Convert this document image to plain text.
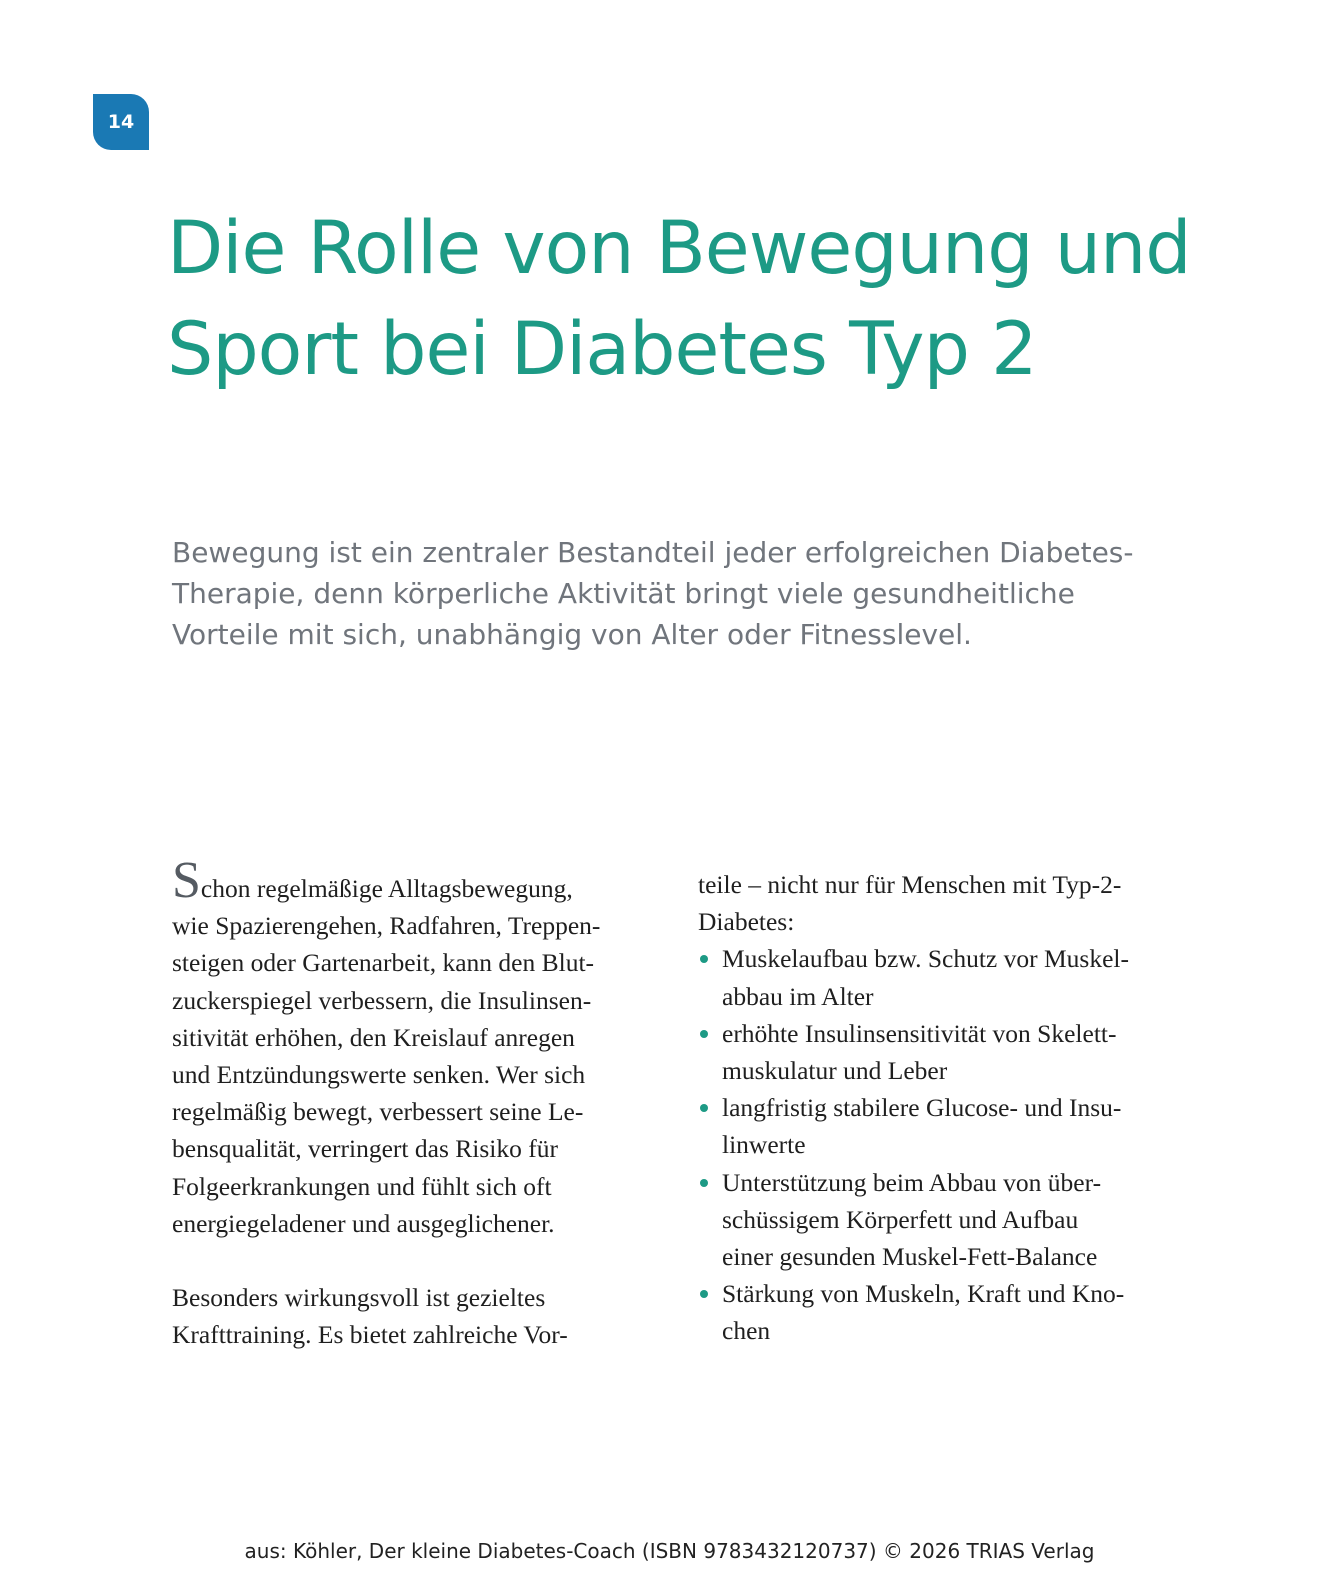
14
Die Rolle von Bewegung und
Sport bei Diabetes Typ 2

Bewegung ist ein zentraler Bestandteil jeder erfolgreichen Diabetes-
Therapie, denn körperliche Aktivität bringt viele gesundheitliche
Vorteile mit sich, unabhängig von Alter oder Fitnesslevel.

Schon regelmäßige Alltagsbewegung,
wie Spazierengehen, Radfahren, Treppen-
steigen oder Gartenarbeit, kann den Blut-
zuckerspiegel verbessern, die Insulinsen-
sitivität erhöhen, den Kreislauf anregen
und Entzündungswerte senken. Wer sich
regelmäßig bewegt, verbessert seine Le-
bensqualität, verringert das Risiko für
Folgeerkrankungen und fühlt sich oft
energiegeladener und ausgeglichener.
Besonders wirkungsvoll ist gezieltes
Krafttraining. Es bietet zahlreiche Vor-
teile – nicht nur für Menschen mit Typ-2-
Diabetes:
Muskelaufbau bzw. Schutz vor Muskel-
abbau im Alter
erhöhte Insulinsensitivität von Skelett-
muskulatur und Leber
langfristig stabilere Glucose- und Insu-
linwerte
Unterstützung beim Abbau von über-
schüssigem Körperfett und Aufbau
einer gesunden Muskel-Fett-Balance
Stärkung von Muskeln, Kraft und Kno-
chen
aus: Köhler, Der kleine Diabetes-Coach (ISBN 9783432120737) © 2026 TRIAS Verlag
